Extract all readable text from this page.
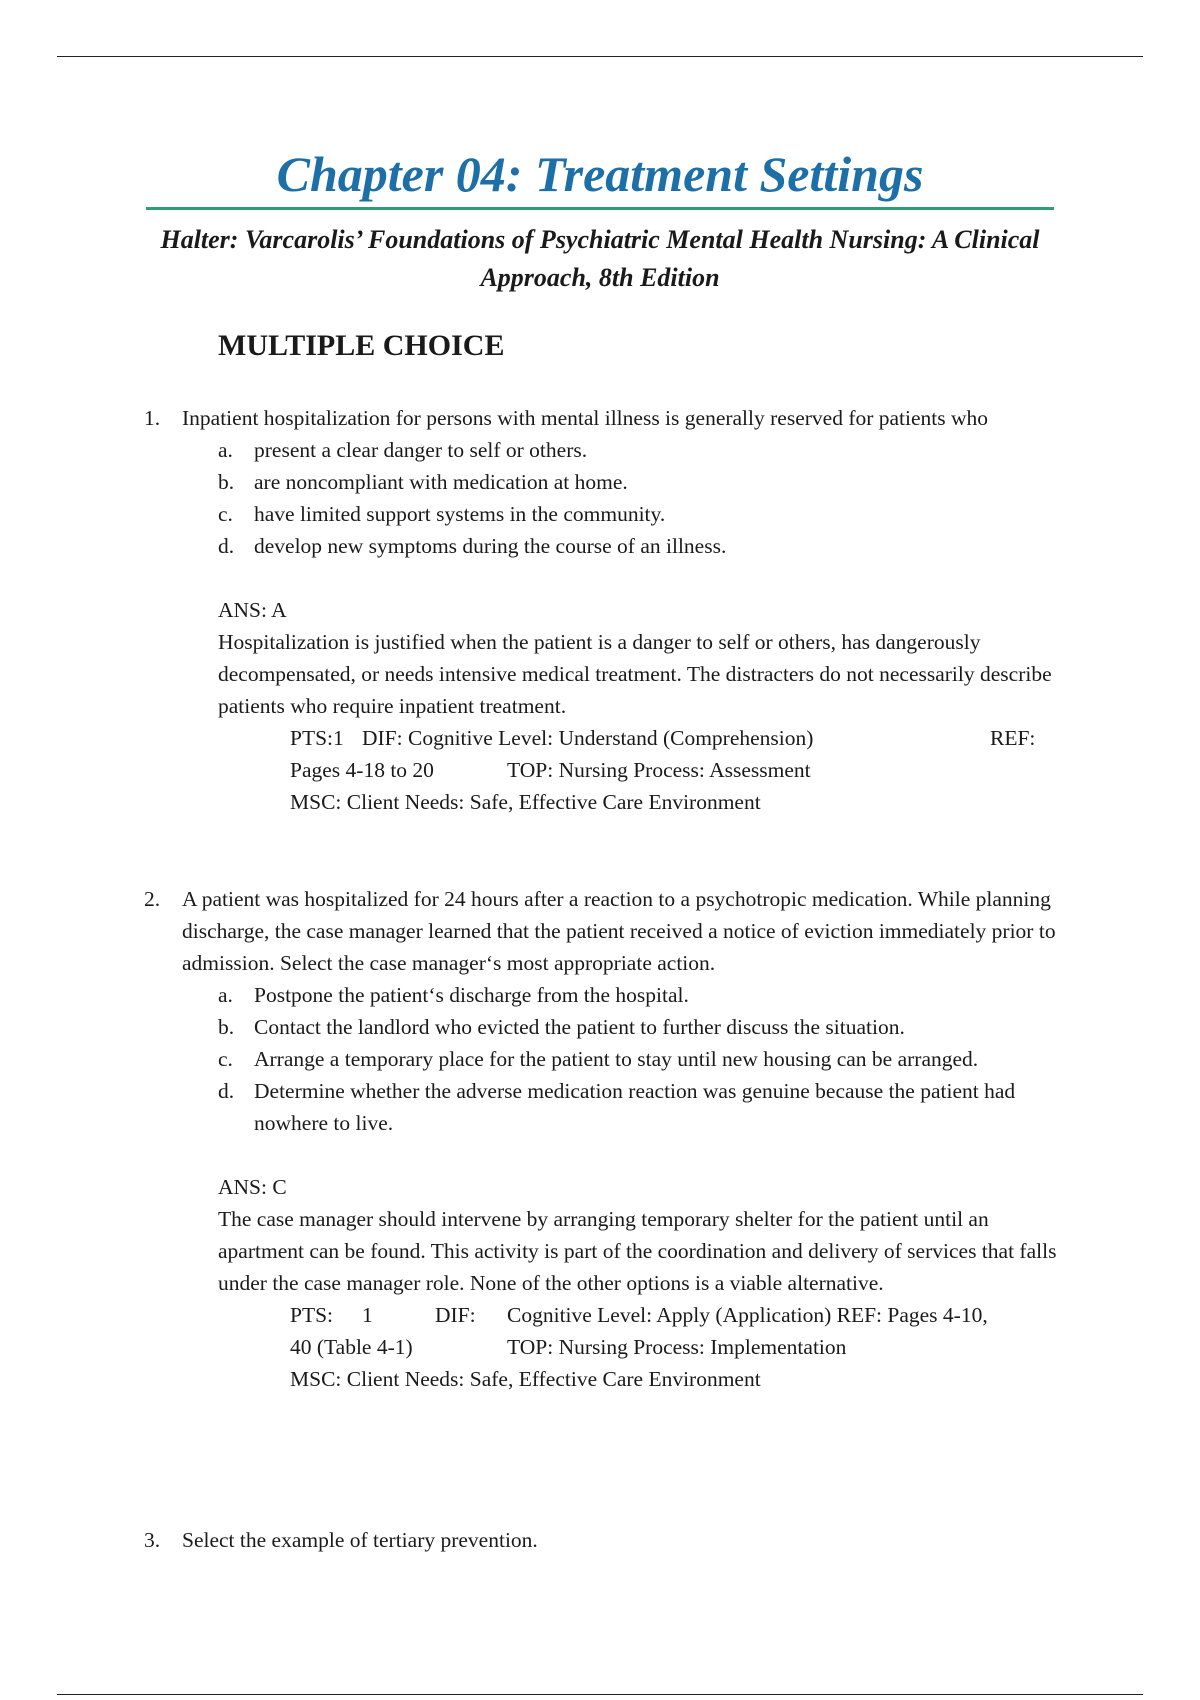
Chapter 04: Treatment Settings
Halter: Varcarolis’ Foundations of Psychiatric Mental Health Nursing: A Clinical Approach, 8th Edition
MULTIPLE CHOICE
1. Inpatient hospitalization for persons with mental illness is generally reserved for patients who
a. present a clear danger to self or others.
b. are noncompliant with medication at home.
c. have limited support systems in the community.
d. develop new symptoms during the course of an illness.
ANS: A
Hospitalization is justified when the patient is a danger to self or others, has dangerously decompensated, or needs intensive medical treatment. The distracters do not necessarily describe patients who require inpatient treatment.
PTS:1 DIF: Cognitive Level: Understand (Comprehension)	REF:
Pages 4-18 to 20	TOP: Nursing Process: Assessment
MSC: Client Needs: Safe, Effective Care Environment
2. A patient was hospitalized for 24 hours after a reaction to a psychotropic medication. While planning discharge, the case manager learned that the patient received a notice of eviction immediately prior to admission. Select the case manager‘s most appropriate action.
a. Postpone the patient‘s discharge from the hospital.
b. Contact the landlord who evicted the patient to further discuss the situation.
c. Arrange a temporary place for the patient to stay until new housing can be arranged.
d. Determine whether the adverse medication reaction was genuine because the patient had nowhere to live.
ANS: C
The case manager should intervene by arranging temporary shelter for the patient until an apartment can be found. This activity is part of the coordination and delivery of services that falls under the case manager role. None of the other options is a viable alternative.
PTS: 1	DIF: Cognitive Level: Apply (Application) REF: Pages 4-10,
40 (Table 4-1)	TOP: Nursing Process: Implementation
MSC: Client Needs: Safe, Effective Care Environment
3. Select the example of tertiary prevention.
